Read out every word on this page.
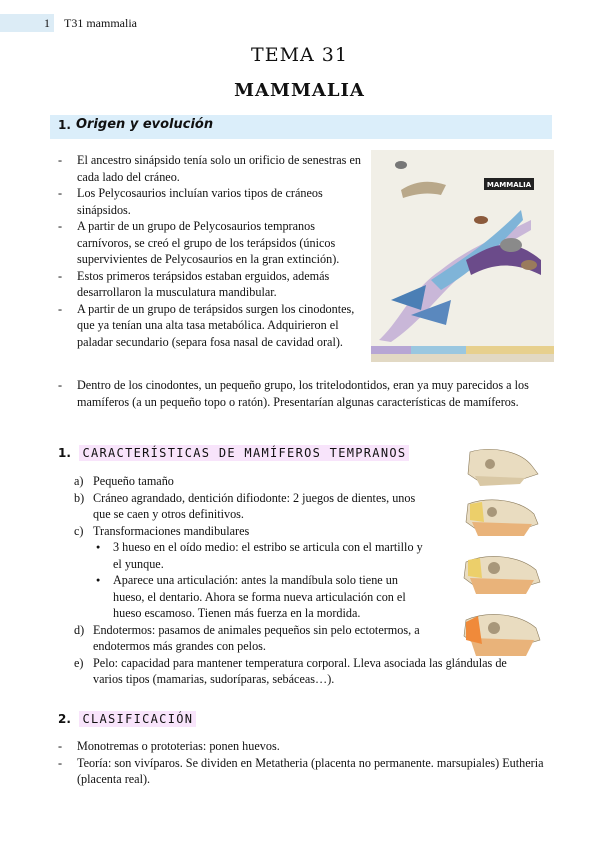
1	T31 mammalia
TEMA 31
MAMMALIA
1. Origen y evolución
- El ancestro sinápsido tenía solo un orificio de senestras en cada lado del cráneo.
- Los Pelycosaurios incluían varios tipos de cráneos sinápsidos.
- A partir de un grupo de Pelycosaurios tempranos carnívoros, se creó el grupo de los terápsidos (únicos supervivientes de Pelycosaurios en la gran extinción).
- Estos primeros terápsidos estaban erguidos, además desarrollaron la musculatura mandibular.
- A partir de un grupo de terápsidos surgen los cinodontes, que ya tenían una alta tasa metabólica. Adquirieron el paladar secundario (separa fosa nasal de cavidad oral).
- Dentro de los cinodontes, un pequeño grupo, los tritelodontidos, eran ya muy parecidos a los mamíferos (a un pequeño topo o ratón). Presentarían algunas características de mamíferos.
MAMMALIA
1. CARACTERÍSTICAS DE MAMÍFEROS TEMPRANOS
a) Pequeño tamaño
b) Cráneo agrandado, dentición difiodonte: 2 juegos de dientes, unos que se caen y otros definitivos.
c) Transformaciones mandibulares
● 3 hueso en el oído medio: el estribo se articula con el martillo y el yunque.
● Aparece una articulación: antes la mandíbula solo tiene un hueso, el dentario. Ahora se forma nueva articulación con el hueso escamoso. Tienen más fuerza en la mordida.
d) Endotermos: pasamos de animales pequeños sin pelo ectotermos, a endotermos más grandes con pelos.
e) Pelo: capacidad para mantener temperatura corporal. Lleva asociada las glándulas de varios tipos (mamarias, sudoríparas, sebáceas…).
2. CLASIFICACIÓN
- Monotremas o prototerias: ponen huevos.
- Teoría: son vivíparos. Se dividen en Metatheria (placenta no permanente. marsupiales) Eutheria (placenta real).
